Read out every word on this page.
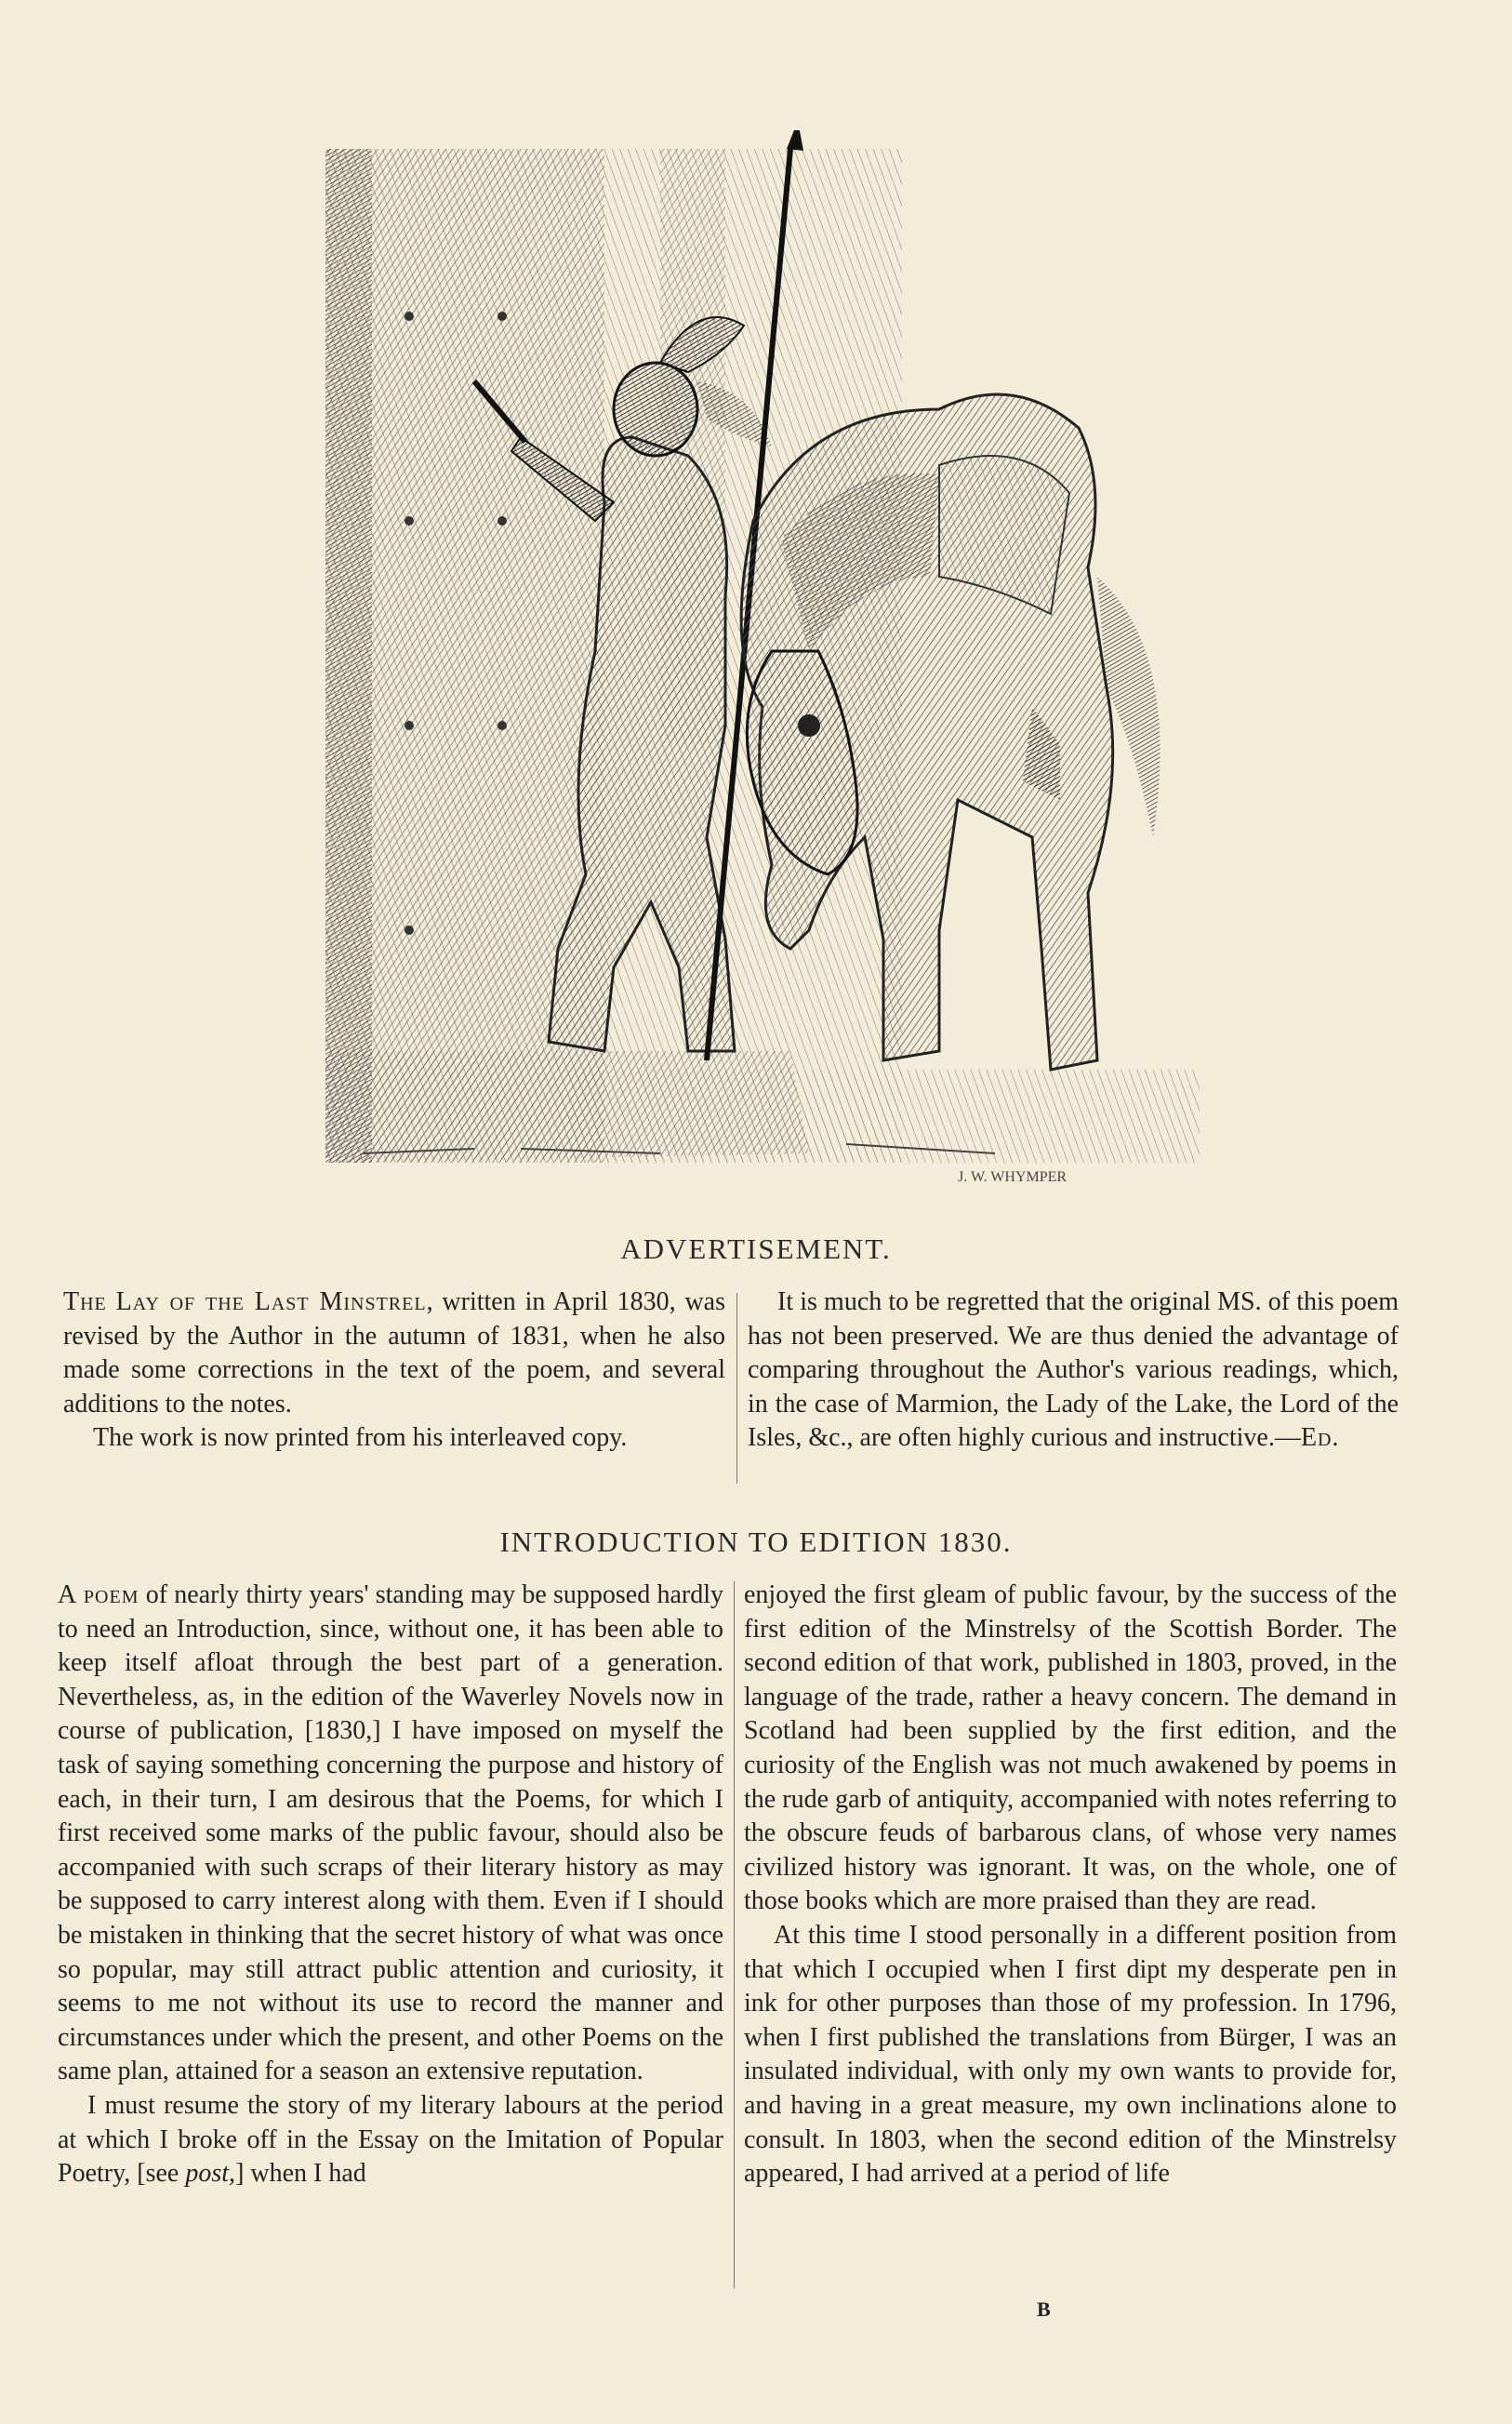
J. W. WHYMPER
ADVERTISEMENT.

The Lay of the Last Minstrel, written in April 1830, was revised by the Author in the autumn of 1831, when he also made some corrections in the text of the poem, and several additions to the notes.

The work is now printed from his interleaved copy.

It is much to be regretted that the original MS. of this poem has not been preserved. We are thus denied the advantage of comparing throughout the Author's various readings, which, in the case of Marmion, the Lady of the Lake, the Lord of the Isles, &c., are often highly curious and instructive.—Ed.

INTRODUCTION TO EDITION 1830.

A poem of nearly thirty years' standing may be supposed hardly to need an Introduction, since, without one, it has been able to keep itself afloat through the best part of a generation. Nevertheless, as, in the edition of the Waverley Novels now in course of publication, [1830,] I have imposed on myself the task of saying something concerning the purpose and history of each, in their turn, I am desirous that the Poems, for which I first received some marks of the public favour, should also be accompanied with such scraps of their literary history as may be supposed to carry interest along with them. Even if I should be mistaken in thinking that the secret history of what was once so popular, may still attract public attention and curiosity, it seems to me not without its use to record the manner and circumstances under which the present, and other Poems on the same plan, attained for a season an extensive reputation.

I must resume the story of my literary labours at the period at which I broke off in the Essay on the Imitation of Popular Poetry, [see post,] when I had

enjoyed the first gleam of public favour, by the success of the first edition of the Minstrelsy of the Scottish Border. The second edition of that work, published in 1803, proved, in the language of the trade, rather a heavy concern. The demand in Scotland had been supplied by the first edition, and the curiosity of the English was not much awakened by poems in the rude garb of antiquity, accompanied with notes referring to the obscure feuds of barbarous clans, of whose very names civilized history was ignorant. It was, on the whole, one of those books which are more praised than they are read.

At this time I stood personally in a different position from that which I occupied when I first dipt my desperate pen in ink for other purposes than those of my profession. In 1796, when I first published the translations from Bürger, I was an insulated individual, with only my own wants to provide for, and having in a great measure, my own inclinations alone to consult. In 1803, when the second edition of the Minstrelsy appeared, I had arrived at a period of life

B
